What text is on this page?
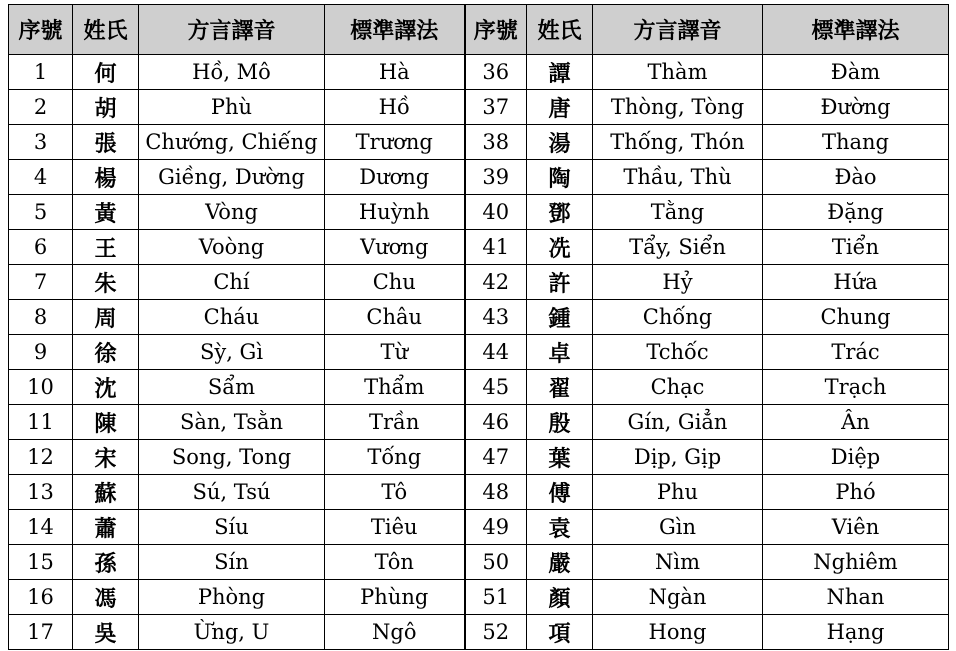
序號	姓氏	方言譯音	標準譯法	序號	姓氏	方言譯音	標準譯法
1	何	Hồ, Mô	Hà	36	譚	Thàm	Đàm
2	胡	Phù	Hồ	37	唐	Thòng, Tòng	Đường
3	張	Chướng, Chiếng	Trương	38	湯	Thống, Thón	Thang
4	楊	Giềng, Dường	Dương	39	陶	Thầu, Thù	Đào
5	黃	Vòng	Huỳnh	40	鄧	Tằng	Đặng
6	王	Voòng	Vương	41	冼	Tẩy, Siển	Tiển
7	朱	Chí	Chu	42	許	Hỷ	Hứa
8	周	Cháu	Châu	43	鍾	Chống	Chung
9	徐	Sỳ, Gì	Từ	44	卓	Tchốc	Trác
10	沈	Sẩm	Thẩm	45	翟	Chạc	Trạch
11	陳	Sàn, Tsằn	Trần	46	殷	Gín, Giẳn	Ân
12	宋	Song, Tong	Tống	47	葉	Dịp, Gịp	Diệp
13	蘇	Sú, Tsú	Tô	48	傅	Phu	Phó
14	蕭	Síu	Tiêu	49	袁	Gìn	Viên
15	孫	Sín	Tôn	50	嚴	Nìm	Nghiêm
16	馮	Phòng	Phùng	51	顏	Ngàn	Nhan
17	吳	Ừng, U	Ngô	52	項	Hong	Hạng
